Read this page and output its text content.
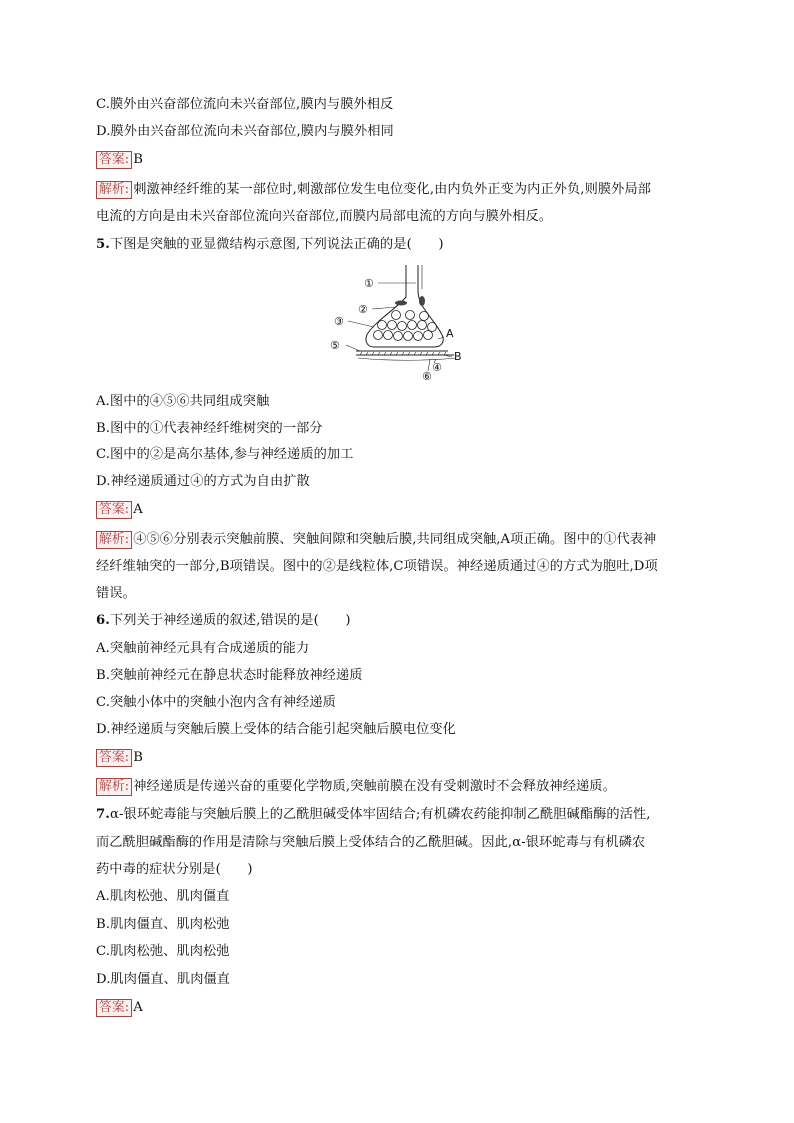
C.膜外由兴奋部位流向未兴奋部位,膜内与膜外相反
D.膜外由兴奋部位流向未兴奋部位,膜内与膜外相同
答案: B
解析: 刺激神经纤维的某一部位时,刺激部位发生电位变化,由内负外正变为内正外负,则膜外局部
电流的方向是由未兴奋部位流向兴奋部位,而膜内局部电流的方向与膜外相反。
5.下图是突触的亚显微结构示意图,下列说法正确的是(　　)
①
②
③
⑤
A
B
④
⑥
A.图中的④⑤⑥共同组成突触
B.图中的①代表神经纤维树突的一部分
C.图中的②是高尔基体,参与神经递质的加工
D.神经递质通过④的方式为自由扩散
答案: A
解析: ④⑤⑥分别表示突触前膜、突触间隙和突触后膜,共同组成突触,A项正确。图中的①代表神
经纤维轴突的一部分,B项错误。图中的②是线粒体,C项错误。神经递质通过④的方式为胞吐,D项
错误。
6.下列关于神经递质的叙述,错误的是(　　)
A.突触前神经元具有合成递质的能力
B.突触前神经元在静息状态时能释放神经递质
C.突触小体中的突触小泡内含有神经递质
D.神经递质与突触后膜上受体的结合能引起突触后膜电位变化
答案: B
解析: 神经递质是传递兴奋的重要化学物质,突触前膜在没有受刺激时不会释放神经递质。
7.α-银环蛇毒能与突触后膜上的乙酰胆碱受体牢固结合;有机磷农药能抑制乙酰胆碱酯酶的活性,
而乙酰胆碱酯酶的作用是清除与突触后膜上受体结合的乙酰胆碱。因此,α-银环蛇毒与有机磷农
药中毒的症状分别是(　　)
A.肌肉松弛、肌肉僵直
B.肌肉僵直、肌肉松弛
C.肌肉松弛、肌肉松弛
D.肌肉僵直、肌肉僵直
答案: A
